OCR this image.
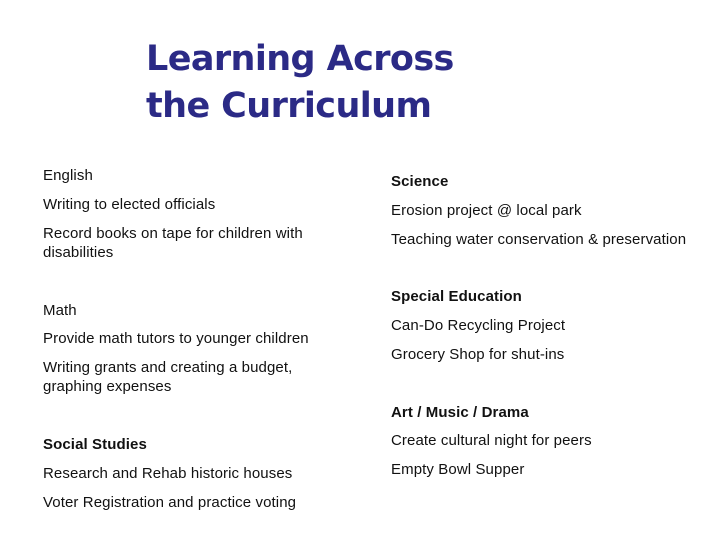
Learning Across
the Curriculum
English
Writing to elected officials
Record books on tape for children with
disabilities
Math
Provide math tutors to younger children
Writing grants and creating a budget,
graphing expenses
Social Studies
Research and Rehab historic houses
Voter Registration and practice voting
Science
Erosion project @ local park
Teaching water conservation & preservation
Special Education
Can-Do Recycling Project
Grocery Shop for shut-ins
Art / Music / Drama
Create cultural night for peers
Empty Bowl Supper
